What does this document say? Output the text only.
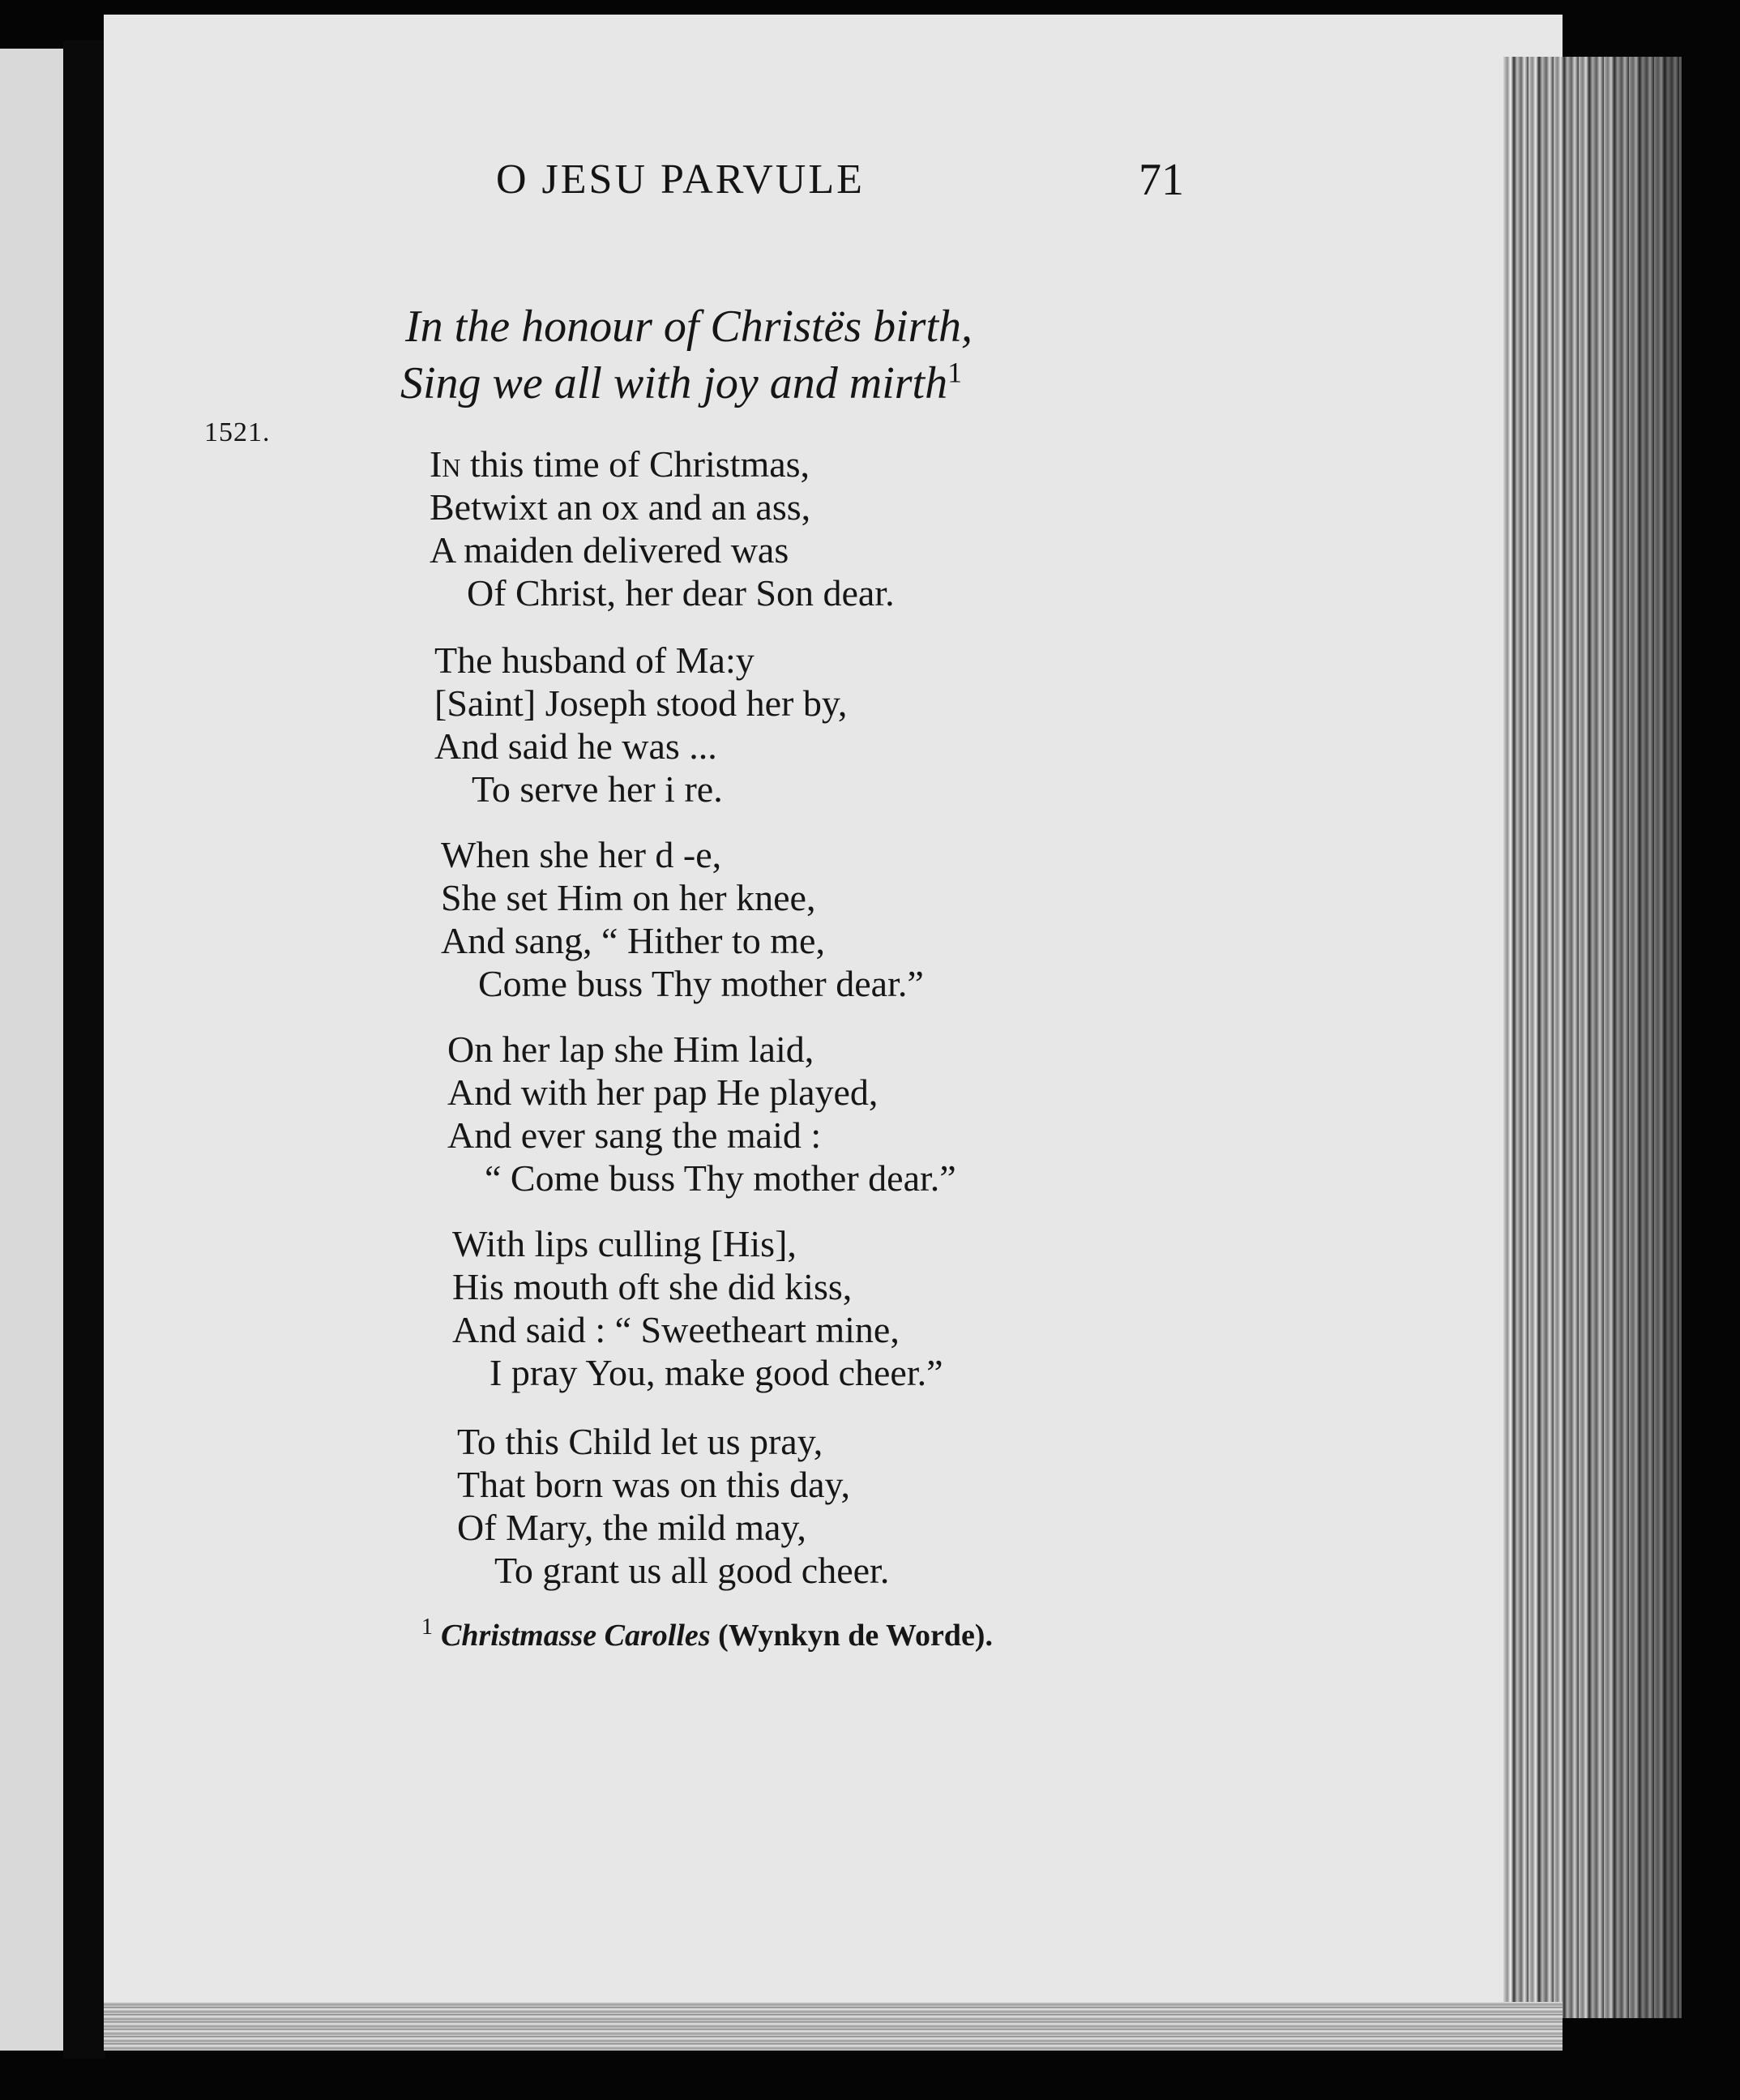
O JESU PARVULE	71
In the honour of Christës birth,
Sing we all with joy and mirth$^1$
1521.
In this time of Christmas,
Betwixt an ox and an ass,
A maiden delivered was
Of Christ, her dear Son dear.
The husband of Ma:y
[Saint] Joseph stood her by,
And said he was ...
To serve her i re.
When she her d -e,
She set Him on her knee,
And sang, “ Hither to me,
Come buss Thy mother dear.”
On her lap she Him laid,
And with her pap He played,
And ever sang the maid :
“ Come buss Thy mother dear.”
With lips culling [His],
His mouth oft she did kiss,
And said : “ Sweetheart mine,
I pray You, make good cheer.”
To this Child let us pray,
That born was on this day,
Of Mary, the mild may,
To grant us all good cheer.
$^1$ Christmasse Carolles (Wynkyn de Worde).
